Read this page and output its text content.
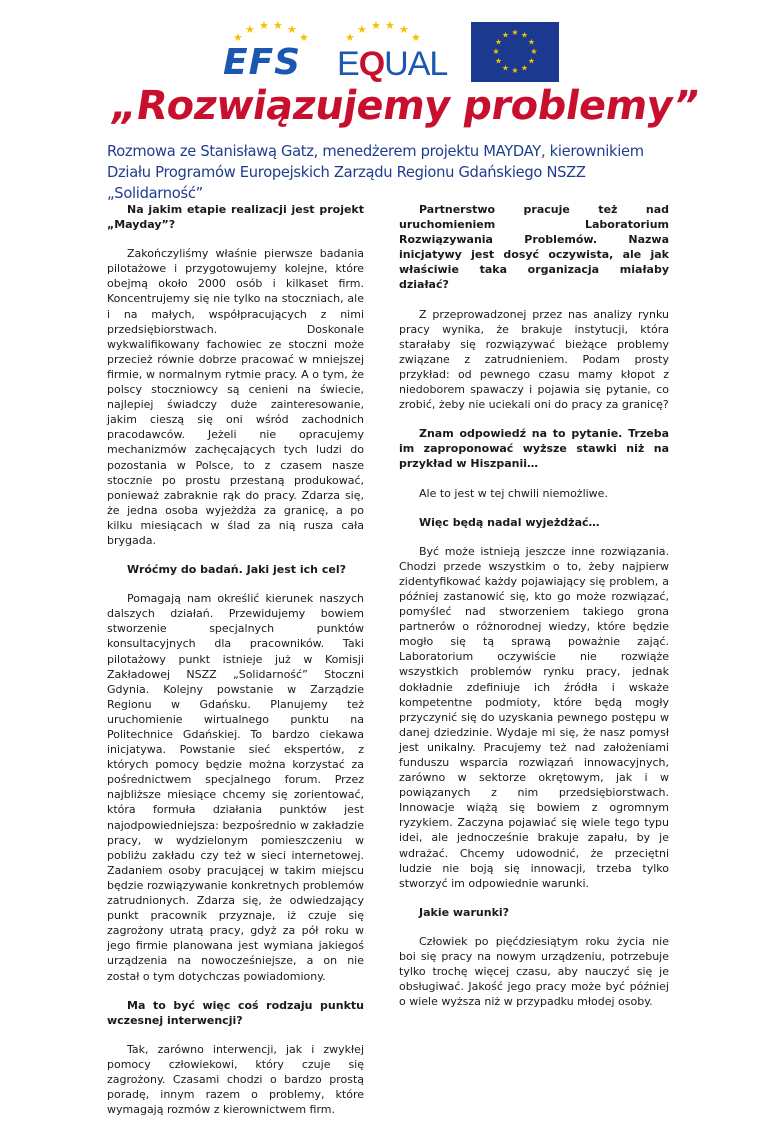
★
★ ★ ★ ★
★
EFS
★
★ ★ ★ ★
★
EQUAL
★ ★
★
★
★
★
★
★
★
★
★
★
„Rozwiązujemy problemy”

Rozmowa ze Stanisławą Gatz, menedżerem projektu MAYDAY, kierownikiem Działu Programów Europejskich Zarządu Regionu Gdańskiego NSZZ „Solidarność”

Na jakim etapie realizacji jest projekt „Mayday”?

Zakończyliśmy właśnie pierwsze badania pilotażowe i przygotowujemy kolejne, które obejmą około 2000 osób i kilkaset firm. Koncentrujemy się nie tylko na stoczniach, ale i na małych, współpracujących z nimi przedsiębiorstwach. Doskonale wykwalifikowany fachowiec ze stoczni może przecież równie dobrze pracować w mniejszej firmie, w normalnym rytmie pracy. A o tym, że polscy stoczniowcy są cenieni na świecie, najlepiej świadczy duże zainteresowanie, jakim cieszą się oni wśród zachodnich pracodawców. Jeżeli nie opracujemy mechanizmów zachęcających tych ludzi do pozostania w Polsce, to z czasem nasze stocznie po prostu przestaną produkować, ponieważ zabraknie rąk do pracy. Zdarza się, że jedna osoba wyjeżdża za granicę, a po kilku miesiącach w ślad za nią rusza cała brygada.

Wróćmy do badań. Jaki jest ich cel?

Pomagają nam określić kierunek naszych dalszych działań. Przewidujemy bowiem stworzenie specjalnych punktów konsultacyjnych dla pracowników. Taki pilotażowy punkt istnieje już w Komisji Zakładowej NSZZ „Solidarność” Stoczni Gdynia. Kolejny powstanie w Zarządzie Regionu w Gdańsku. Planujemy też uruchomienie wirtualnego punktu na Politechnice Gdańskiej. To bardzo ciekawa inicjatywa. Powstanie sieć ekspertów, z których pomocy będzie można korzystać za pośrednictwem specjalnego forum. Przez najbliższe miesiące chcemy się zorientować, która formuła działania punktów jest najodpowiedniejsza: bezpośrednio w zakładzie pracy, w wydzielonym pomieszczeniu w pobliżu zakładu czy też w sieci internetowej. Zadaniem osoby pracującej w takim miejscu będzie rozwiązywanie konkretnych problemów zatrudnionych. Zdarza się, że odwiedzający punkt pracownik przyznaje, iż czuje się zagrożony utratą pracy, gdyż za pół roku w jego firmie planowana jest wymiana jakiegoś urządzenia na nowocześniejsze, a on nie został o tym dotychczas powiadomiony.

Ma to być więc coś rodzaju punktu wczesnej interwencji?

Tak, zarówno interwencji, jak i zwykłej pomocy człowiekowi, który czuje się zagrożony. Czasami chodzi o bardzo prostą poradę, innym razem o problemy, które wymagają rozmów z kierownictwem firm.

Partnerstwo pracuje też nad uruchomieniem Laboratorium Rozwiązywania Problemów. Nazwa inicjatywy jest dosyć oczywista, ale jak właściwie taka organizacja miałaby działać?

Z przeprowadzonej przez nas analizy rynku pracy wynika, że brakuje instytucji, która starałaby się rozwiązywać bieżące problemy związane z zatrudnieniem. Podam prosty przykład: od pewnego czasu mamy kłopot z niedoborem spawaczy i pojawia się pytanie, co zrobić, żeby nie uciekali oni do pracy za granicę?

Znam odpowiedź na to pytanie. Trzeba im zaproponować wyższe stawki niż na przykład w Hiszpanii…

Ale to jest w tej chwili niemożliwe.

Więc będą nadal wyjeżdżać…

Być może istnieją jeszcze inne rozwiązania. Chodzi przede wszystkim o to, żeby najpierw zidentyfikować każdy pojawiający się problem, a później zastanowić się, kto go może rozwiązać, pomyśleć nad stworzeniem takiego grona partnerów o różnorodnej wiedzy, które będzie mogło się tą sprawą poważnie zająć. Laboratorium oczywiście nie rozwiąże wszystkich problemów rynku pracy, jednak dokładnie zdefiniuje ich źródła i wskaże kompetentne podmioty, które będą mogły przyczynić się do uzyskania pewnego postępu w danej dziedzinie. Wydaje mi się, że nasz pomysł jest unikalny. Pracujemy też nad założeniami funduszu wsparcia rozwiązań innowacyjnych, zarówno w sektorze okrętowym, jak i w powiązanych z nim przedsiębiorstwach. Innowacje wiążą się bowiem z ogromnym ryzykiem. Zaczyna pojawiać się wiele tego typu idei, ale jednocześnie brakuje zapału, by je wdrażać. Chcemy udowodnić, że przeciętni ludzie nie boją się innowacji, trzeba tylko stworzyć im odpowiednie warunki.

Jakie warunki?

Człowiek po pięćdziesiątym roku życia nie boi się pracy na nowym urządzeniu, potrzebuje tylko trochę więcej czasu, aby nauczyć się je obsługiwać. Jakość jego pracy może być później o wiele wyższa niż w przypadku młodej osoby.
